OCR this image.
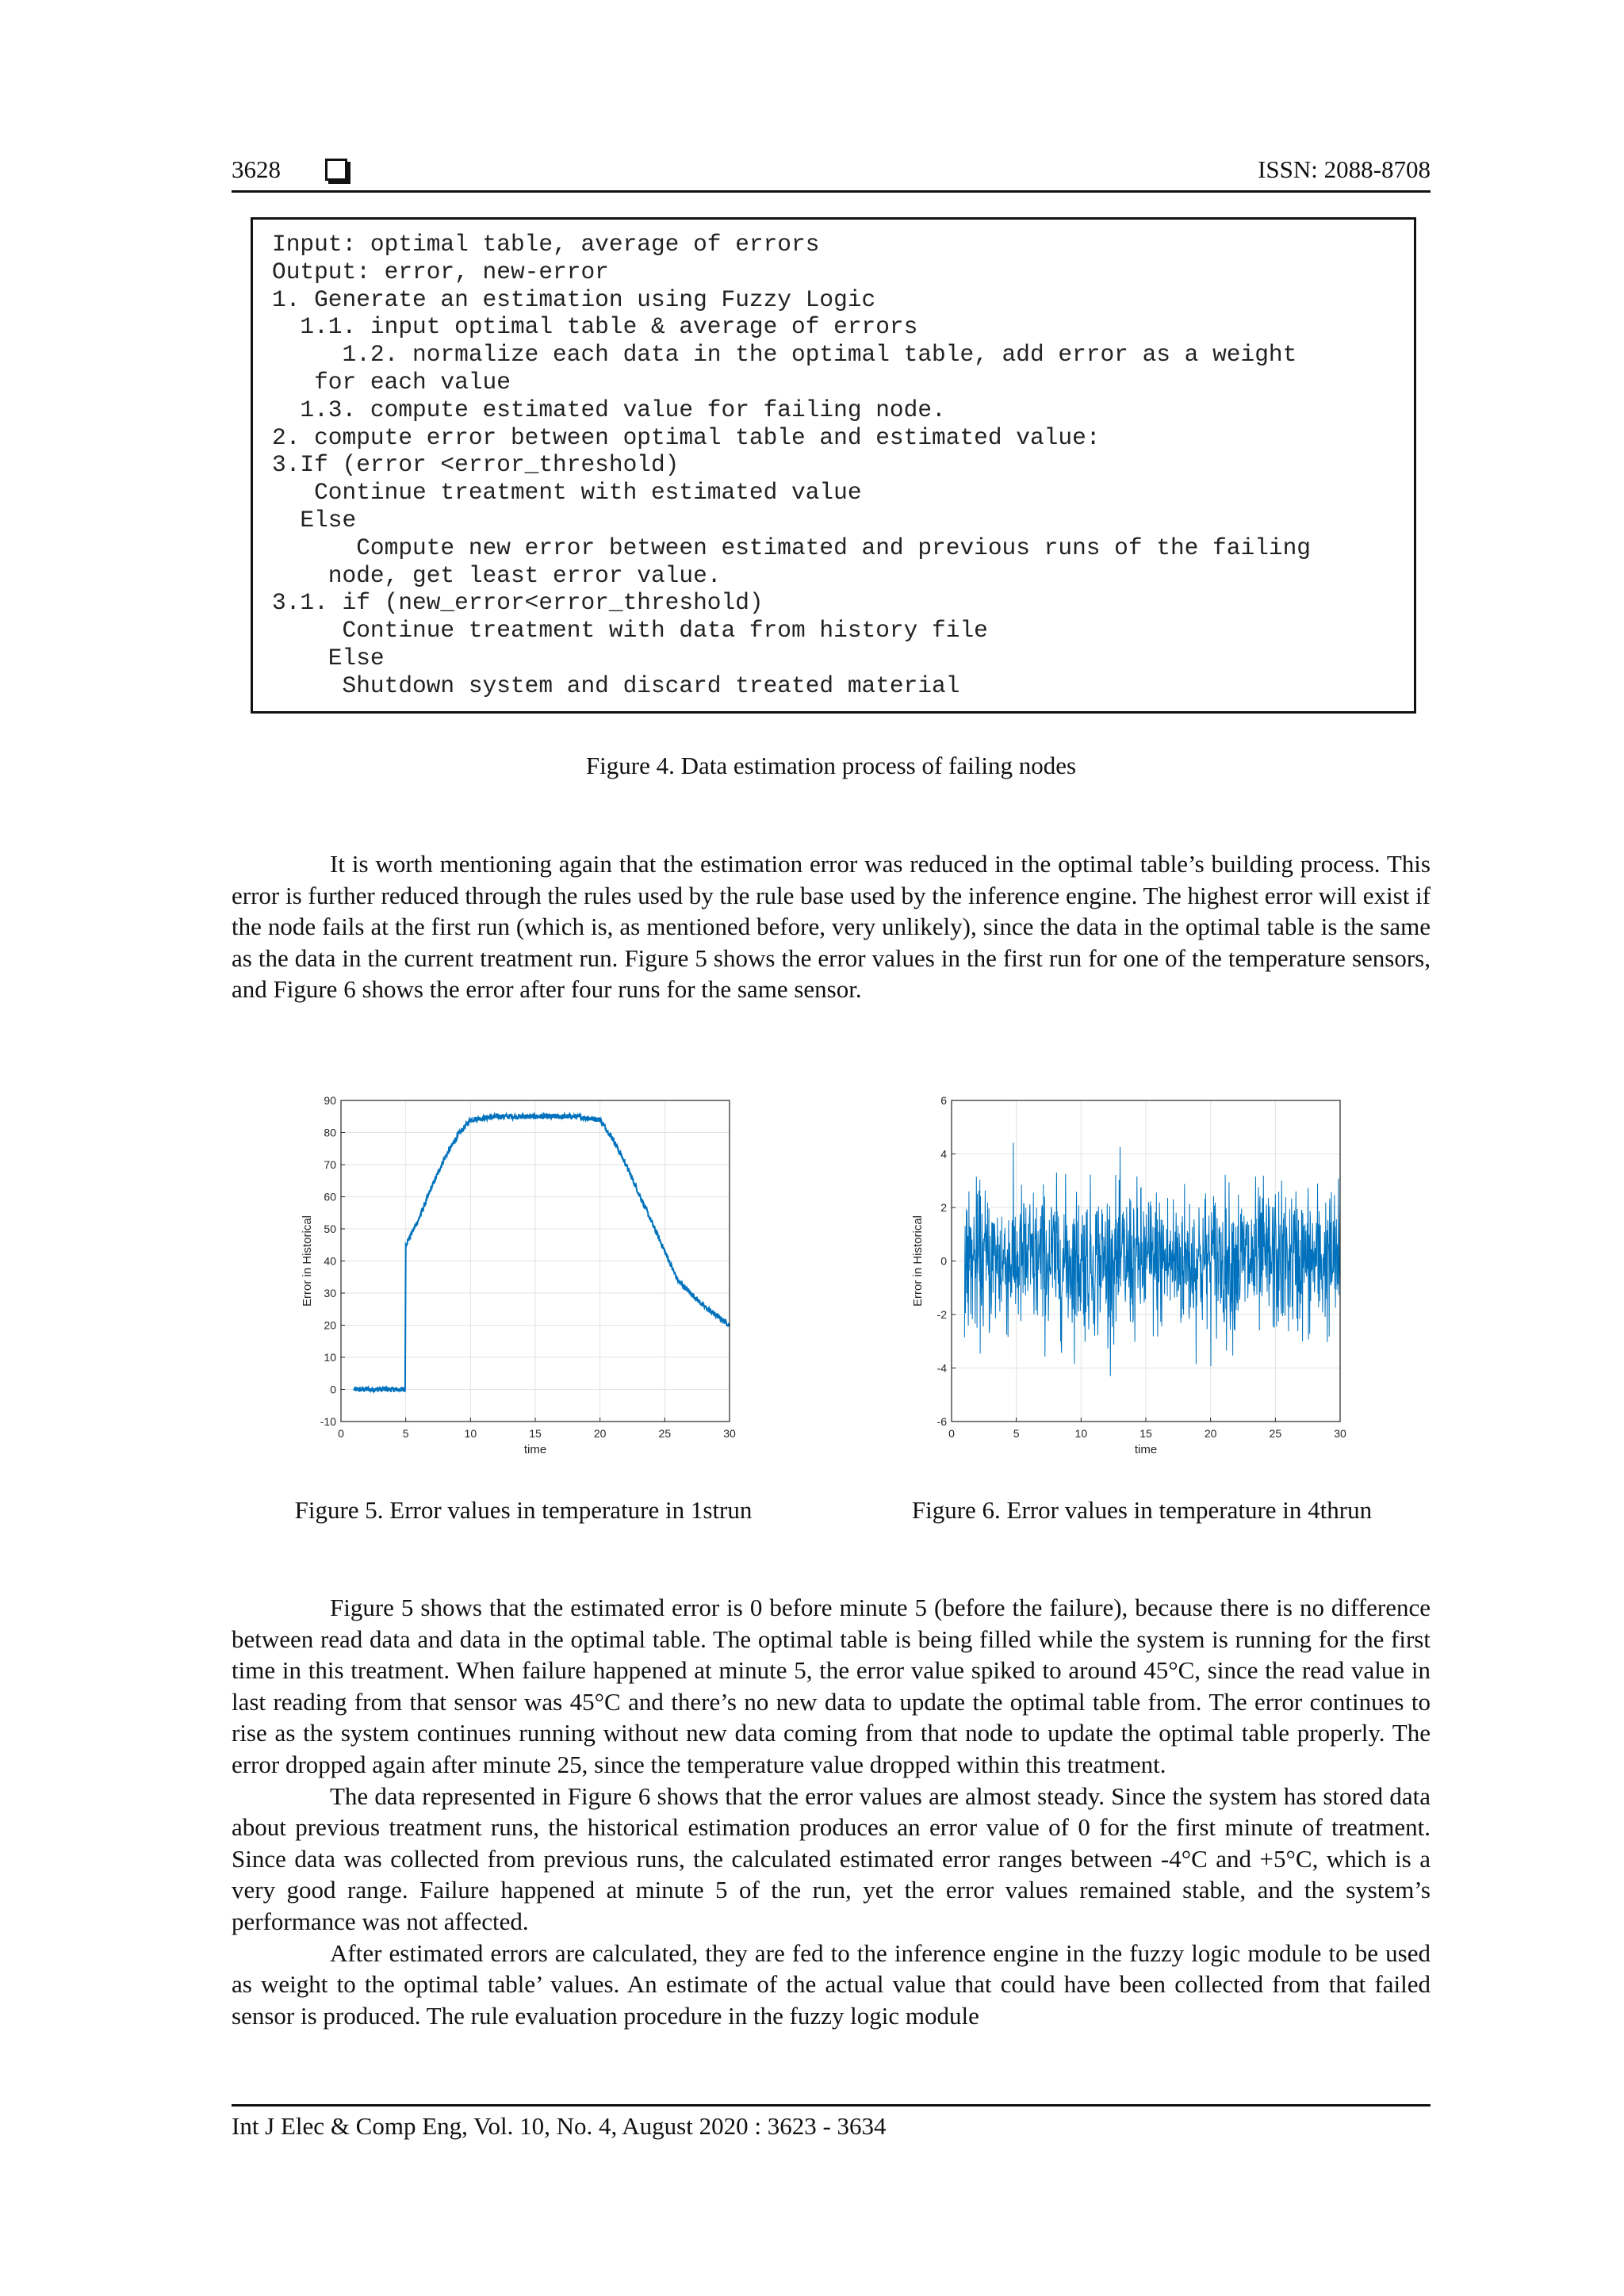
3628	ISSN: 2088-8708
Input: optimal table, average of errors
Output: error, new-error
1. Generate an estimation using Fuzzy Logic
1.1. input optimal table & average of errors
1.2. normalize each data in the optimal table, add error as a weight
for each value
1.3. compute estimated value for failing node.
2. compute error between optimal table and estimated value:
3.If (error <error_threshold)
Continue treatment with estimated value
Else
Compute new error between estimated and previous runs of the failing
node, get least error value.
3.1. if (new_error<error_threshold)
Continue treatment with data from history file
Else
Shutdown system and discard treated material
Figure 4. Data estimation process of failing nodes

It is worth mentioning again that the estimation error was reduced in the optimal table’s building process. This error is further reduced through the rules used by the rule base used by the inference engine. The highest error will exist if the node fails at the first run (which is, as mentioned before, very unlikely), since the data in the optimal table is the same as the data in the current treatment run. Figure 5 shows the error values in the first run for one of the temperature sensors, and Figure 6 shows the error after four runs for the same sensor.

0	5	10	15	20	25	30
-10
0
10
20
30
40
50
60
70
80
90
time
Error in Historical
0	5	10	15	20	25	30
-6
-4
-2
0
2
4
6
time
Error in Historical
Figure 5. Error values in temperature in 1strun	Figure 6. Error values in temperature in 4thrun

Figure 5 shows that the estimated error is 0 before minute 5 (before the failure), because there is no difference between read data and data in the optimal table. The optimal table is being filled while the system is running for the first time in this treatment. When failure happened at minute 5, the error value spiked to around 45°C, since the read value in last reading from that sensor was 45°C and there’s no new data to update the optimal table from. The error continues to rise as the system continues running without new data coming from that node to update the optimal table properly. The error dropped again after minute 25, since the temperature value dropped within this treatment.

The data represented in Figure 6 shows that the error values are almost steady. Since the system has stored data about previous treatment runs, the historical estimation produces an error value of 0 for the first minute of treatment. Since data was collected from previous runs, the calculated estimated error ranges between -4°C and +5°C, which is a very good range. Failure happened at minute 5 of the run, yet the error values remained stable, and the system’s performance was not affected.

After estimated errors are calculated, they are fed to the inference engine in the fuzzy logic module to be used as weight to the optimal table’ values. An estimate of the actual value that could have been collected from that failed sensor is produced. The rule evaluation procedure in the fuzzy logic module

Int J Elec & Comp Eng, Vol. 10, No. 4, August 2020 : 3623 - 3634
